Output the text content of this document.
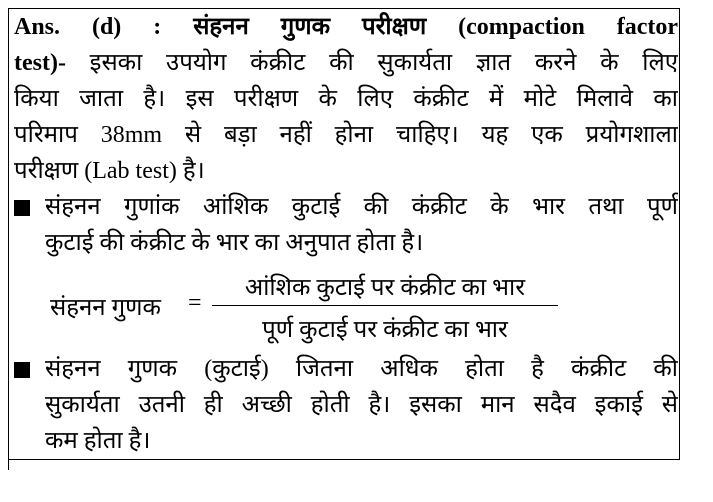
Ans. (d) : संहनन गुणक परीक्षण (compaction factor
test)- इसका उपयोग कंक्रीट की सुकार्यता ज्ञात करने के लिए
किया जाता है। इस परीक्षण के लिए कंक्रीट में मोटे मिलावे का
परिमाप 38mm से बड़ा नहीं होना चाहिए। यह एक प्रयोगशाला
परीक्षण (Lab test) है।
संहनन गुणांक आंशिक कुटाई की कंक्रीट के भार तथा पूर्ण
कुटाई की कंक्रीट के भार का अनुपात होता है।
संहनन गुणक =
आंशिक कुटाई पर कंक्रीट का भार
पूर्ण कुटाई पर कंक्रीट का भार
संहनन गुणक (कुटाई) जितना अधिक होता है कंक्रीट की
सुकार्यता उतनी ही अच्छी होती है। इसका मान सदैव इकाई से
कम होता है।
